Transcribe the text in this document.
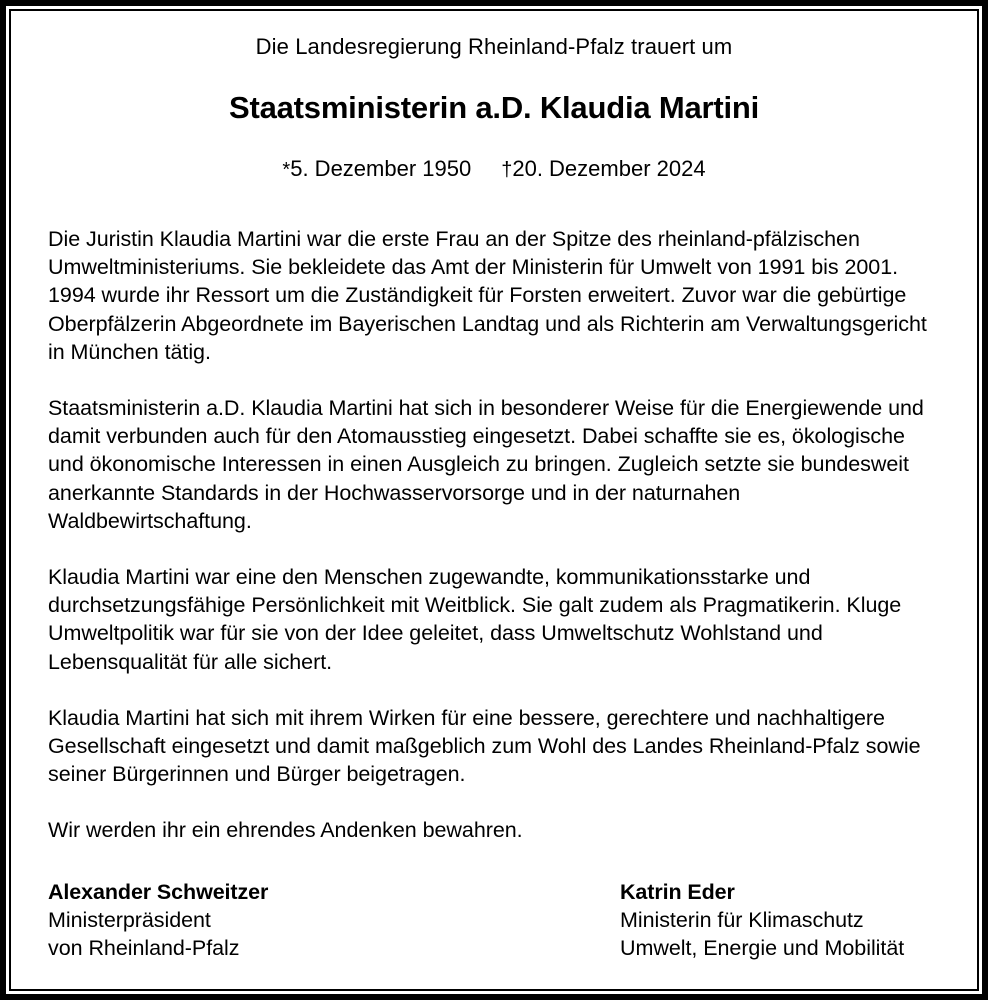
Die Landesregierung Rheinland-Pfalz trauert um

Staatsministerin a.D. Klaudia Martini

*5. Dezember 1950 †20. Dezember 2024

Die Juristin Klaudia Martini war die erste Frau an der Spitze des rheinland-pfälzischen Umweltministeriums. Sie bekleidete das Amt der Ministerin für Umwelt von 1991 bis 2001. 1994 wurde ihr Ressort um die Zuständigkeit für Forsten erweitert. Zuvor war die gebürtige Oberpfälzerin Abgeordnete im Bayerischen Landtag und als Richterin am Verwaltungsgericht in München tätig.

Staatsministerin a.D. Klaudia Martini hat sich in besonderer Weise für die Energiewende und damit verbunden auch für den Atomausstieg eingesetzt. Dabei schaffte sie es, ökologische und ökonomische Interessen in einen Ausgleich zu bringen. Zugleich setzte sie bundesweit anerkannte Standards in der Hochwasservorsorge und in der naturnahen Waldbewirtschaftung.

Klaudia Martini war eine den Menschen zugewandte, kommunikationsstarke und durchsetzungsfähige Persönlichkeit mit Weitblick. Sie galt zudem als Pragmatikerin. Kluge Umweltpolitik war für sie von der Idee geleitet, dass Umweltschutz Wohlstand und Lebensqualität für alle sichert.

Klaudia Martini hat sich mit ihrem Wirken für eine bessere, gerechtere und nachhaltigere Gesellschaft eingesetzt und damit maßgeblich zum Wohl des Landes Rheinland-Pfalz sowie seiner Bürgerinnen und Bürger beigetragen.

Wir werden ihr ein ehrendes Andenken bewahren.

Alexander Schweitzer

Ministerpräsident

von Rheinland-Pfalz

Katrin Eder

Ministerin für Klimaschutz

Umwelt, Energie und Mobilität
